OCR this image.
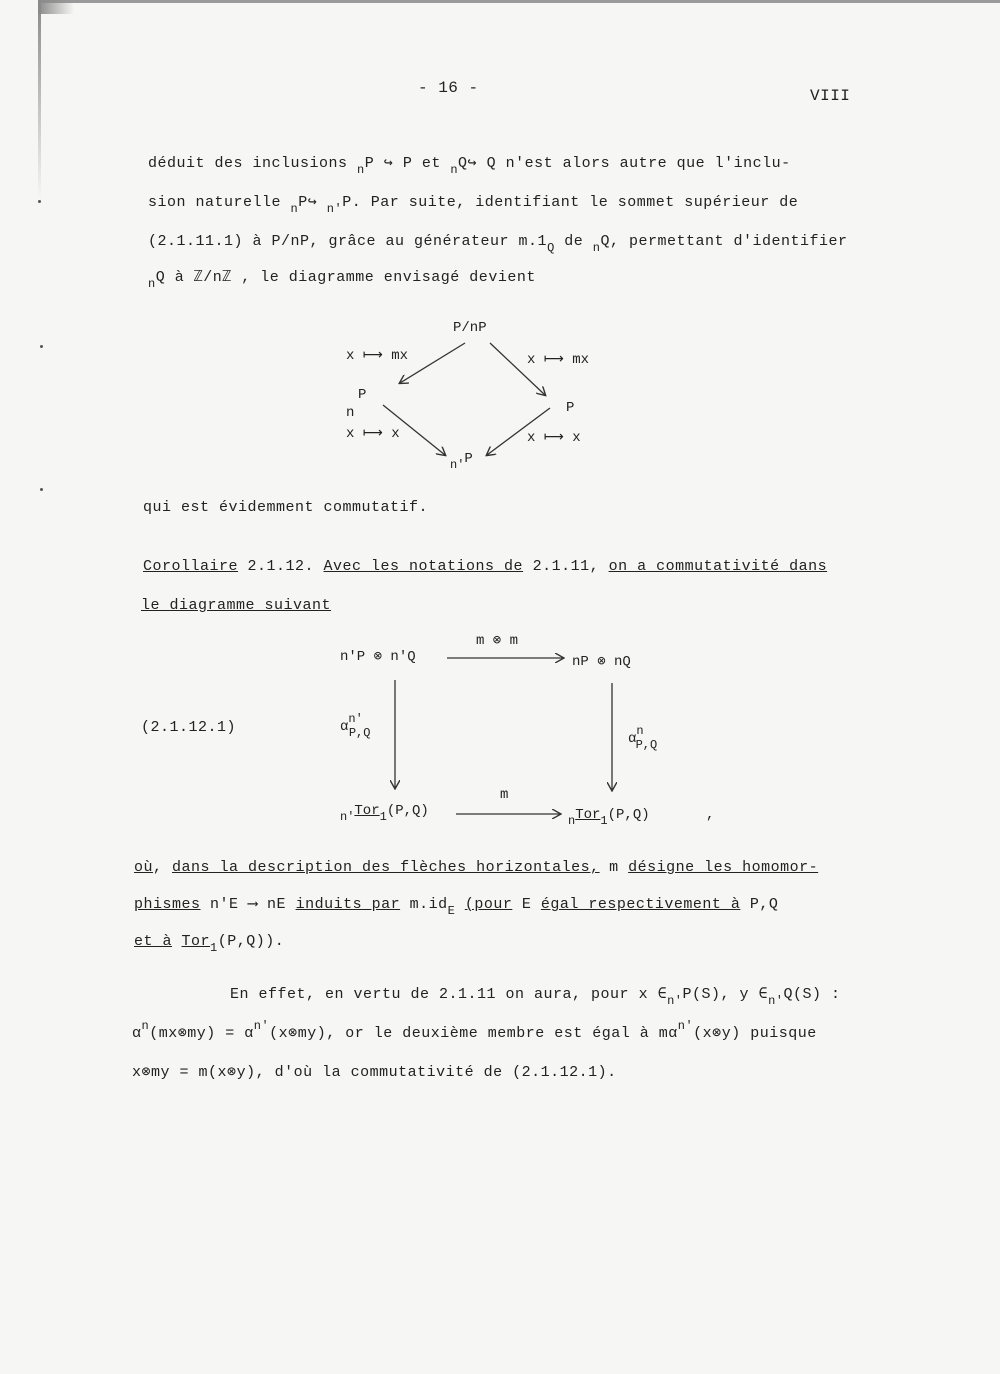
- 16 -	VIII
déduit des inclusions $_n$P ↪ P et $_n$Q↪ Q n'est alors autre que l'inclu-
sion naturelle $_n$P↪ $_{n'}$P. Par suite, identifiant le sommet supérieur de
(2.1.11.1) à P/nP, grâce au générateur $m.1_Q$ de $_n$Q, permettant d'identifier
$_n$Q à ℤ/nℤ , le diagramme envisagé devient
P/nP
x ⟼ mx	x ⟼ mx
P
n	P
x ⟼ x	x ⟼ x
n'P
qui est évidemment commutatif.
Corollaire 2.1.12. Avec les notations de 2.1.11, on a commutativité dans
le diagramme suivant
m ⊗ m
n'P ⊗ n'Q	nP ⊗ nQ
(2.1.12.1)	αn'P,Q	αnP,Q
m
n'Tor1(P,Q)
nTor1(P,Q)	,
où, dans la description des flèches horizontales, m désigne les homomor-
phismes n'E ⟶ nE induits par $m.id_E$ (pour E égal respectivement à P,Q
et à Tor$_1$(P,Q)).
En effet, en vertu de 2.1.11 on aura, pour x $\in_{n'}P(S)$, y $\in_{n'}Q(S)$ :
$\alpha^n(mx\otimes my)$ = $\alpha^{n'}(x\otimes my)$, or le deuxième membre est égal à $m\alpha^{n'}(x\otimes y)$ puisque
x⊗my = m(x⊗y), d'où la commutativité de (2.1.12.1).
